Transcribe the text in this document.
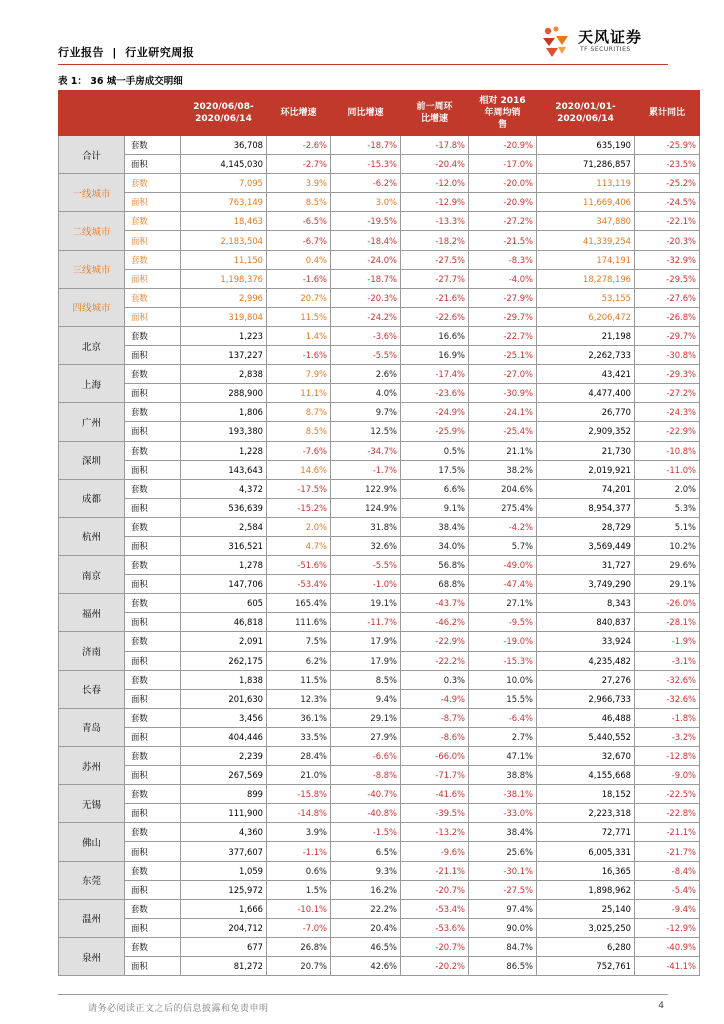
行业报告 | 行业研究周报
天风证券
TF SECURITIES
表 1： 36 城一手房成交明细
		2020/06/08-
2020/06/14	环比增速	同比增速	前一周环
比增速	相对 2016
年周均销
售	2020/01/01-
2020/06/14	累计同比
合计	套数	36,708	-2.6%	-18.7%	-17.8%	-20.9%	635,190	-25.9%
	面积	4,145,030	-2.7%	-15.3%	-20.4%	-17.0%	71,286,857	-23.5%
一线城市	套数	7,095	3.9%	-6.2%	-12.0%	-20.0%	113,119	-25.2%
	面积	763,149	8.5%	3.0%	-12.9%	-20.9%	11,669,406	-24.5%
二线城市	套数	18,463	-6.5%	-19.5%	-13.3%	-27.2%	347,880	-22.1%
	面积	2,183,504	-6.7%	-18.4%	-18.2%	-21.5%	41,339,254	-20.3%
三线城市	套数	11,150	0.4%	-24.0%	-27.5%	-8.3%	174,191	-32.9%
	面积	1,198,376	-1.6%	-18.7%	-27.7%	-4.0%	18,278,196	-29.5%
四线城市	套数	2,996	20.7%	-20.3%	-21.6%	-27.9%	53,155	-27.6%
	面积	319,804	11.5%	-24.2%	-22.6%	-29.7%	6,206,472	-26.8%
北京	套数	1,223	1.4%	-3.6%	16.6%	-22.7%	21,198	-29.7%
	面积	137,227	-1.6%	-5.5%	16.9%	-25.1%	2,262,733	-30.8%
上海	套数	2,838	7.9%	2.6%	-17.4%	-27.0%	43,421	-29.3%
	面积	288,900	11.1%	4.0%	-23.6%	-30.9%	4,477,400	-27.2%
广州	套数	1,806	8.7%	9.7%	-24.9%	-24.1%	26,770	-24.3%
	面积	193,380	8.5%	12.5%	-25.9%	-25.4%	2,909,352	-22.9%
深圳	套数	1,228	-7.6%	-34.7%	0.5%	21.1%	21,730	-10.8%
	面积	143,643	14.6%	-1.7%	17.5%	38.2%	2,019,921	-11.0%
成都	套数	4,372	-17.5%	122.9%	6.6%	204.6%	74,201	2.0%
	面积	536,639	-15.2%	124.9%	9.1%	275.4%	8,954,377	5.3%
杭州	套数	2,584	2.0%	31.8%	38.4%	-4.2%	28,729	5.1%
	面积	316,521	4.7%	32.6%	34.0%	5.7%	3,569,449	10.2%
南京	套数	1,278	-51.6%	-5.5%	56.8%	-49.0%	31,727	29.6%
	面积	147,706	-53.4%	-1.0%	68.8%	-47.4%	3,749,290	29.1%
福州	套数	605	165.4%	19.1%	-43.7%	27.1%	8,343	-26.0%
	面积	46,818	111.6%	-11.7%	-46.2%	-9.5%	840,837	-28.1%
济南	套数	2,091	7.5%	17.9%	-22.9%	-19.0%	33,924	-1.9%
	面积	262,175	6.2%	17.9%	-22.2%	-15.3%	4,235,482	-3.1%
长春	套数	1,838	11.5%	8.5%	0.3%	10.0%	27,276	-32.6%
	面积	201,630	12.3%	9.4%	-4.9%	15.5%	2,966,733	-32.6%
青岛	套数	3,456	36.1%	29.1%	-8.7%	-6.4%	46,488	-1.8%
	面积	404,446	33.5%	27.9%	-8.6%	2.7%	5,440,552	-3.2%
苏州	套数	2,239	28.4%	-6.6%	-66.0%	47.1%	32,670	-12.8%
	面积	267,569	21.0%	-8.8%	-71.7%	38.8%	4,155,668	-9.0%
无锡	套数	899	-15.8%	-40.7%	-41.6%	-38.1%	18,152	-22.5%
	面积	111,900	-14.8%	-40.8%	-39.5%	-33.0%	2,223,318	-22.8%
佛山	套数	4,360	3.9%	-1.5%	-13.2%	38.4%	72,771	-21.1%
	面积	377,607	-1.1%	6.5%	-9.6%	25.6%	6,005,331	-21.7%
东莞	套数	1,059	0.6%	9.3%	-21.1%	-30.1%	16,365	-8.4%
	面积	125,972	1.5%	16.2%	-20.7%	-27.5%	1,898,962	-5.4%
温州	套数	1,666	-10.1%	22.2%	-53.4%	97.4%	25,140	-9.4%
	面积	204,712	-7.0%	20.4%	-53.6%	90.0%	3,025,250	-12.9%
泉州	套数	677	26.8%	46.5%	-20.7%	84.7%	6,280	-40.9%
	面积	81,272	20.7%	42.6%	-20.2%	86.5%	752,761	-41.1%
请务必阅读正文之后的信息披露和免责申明	4
